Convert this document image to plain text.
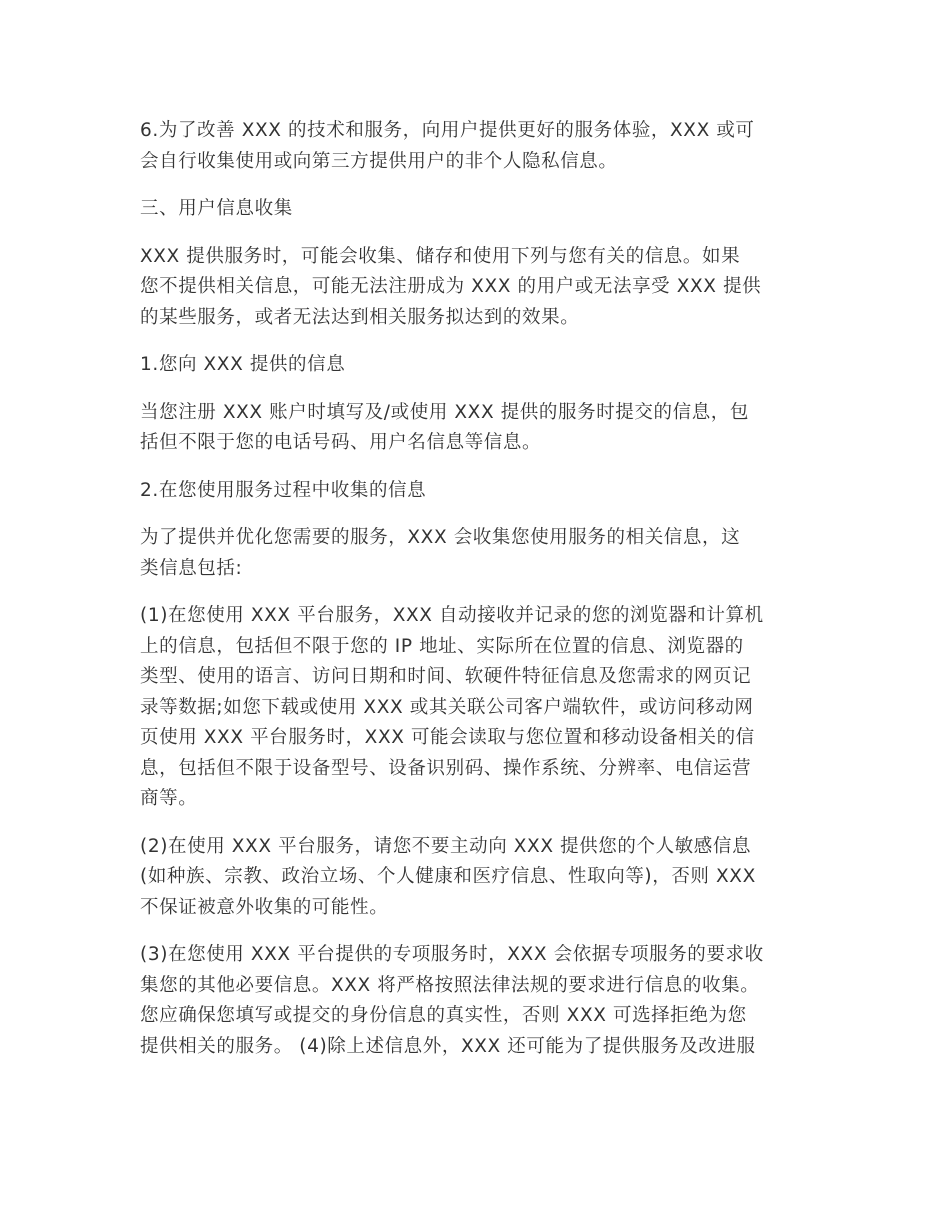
6.为了改善 XXX 的技术和服务，向用户提供更好的服务体验，XXX 或可
会自行收集使用或向第三方提供用户的非个人隐私信息。

三、用户信息收集

XXX 提供服务时，可能会收集、储存和使用下列与您有关的信息。如果
您不提供相关信息，可能无法注册成为 XXX 的用户或无法享受 XXX 提供
的某些服务，或者无法达到相关服务拟达到的效果。

1.您向 XXX 提供的信息

当您注册 XXX 账户时填写及/或使用 XXX 提供的服务时提交的信息，包
括但不限于您的电话号码、用户名信息等信息。

2.在您使用服务过程中收集的信息

为了提供并优化您需要的服务，XXX 会收集您使用服务的相关信息，这
类信息包括:

(1)在您使用 XXX 平台服务，XXX 自动接收并记录的您的浏览器和计算机
上的信息，包括但不限于您的 IP 地址、实际所在位置的信息、浏览器的
类型、使用的语言、访问日期和时间、软硬件特征信息及您需求的网页记
录等数据;如您下载或使用 XXX 或其关联公司客户端软件，或访问移动网
页使用 XXX 平台服务时，XXX 可能会读取与您位置和移动设备相关的信
息，包括但不限于设备型号、设备识别码、操作系统、分辨率、电信运营
商等。

(2)在使用 XXX 平台服务，请您不要主动向 XXX 提供您的个人敏感信息
(如种族、宗教、政治立场、个人健康和医疗信息、性取向等)，否则 XXX
不保证被意外收集的可能性。

(3)在您使用 XXX 平台提供的专项服务时，XXX 会依据专项服务的要求收
集您的其他必要信息。XXX 将严格按照法律法规的要求进行信息的收集。
您应确保您填写或提交的身份信息的真实性，否则 XXX 可选择拒绝为您
提供相关的服务。 (4)除上述信息外，XXX 还可能为了提供服务及改进服
